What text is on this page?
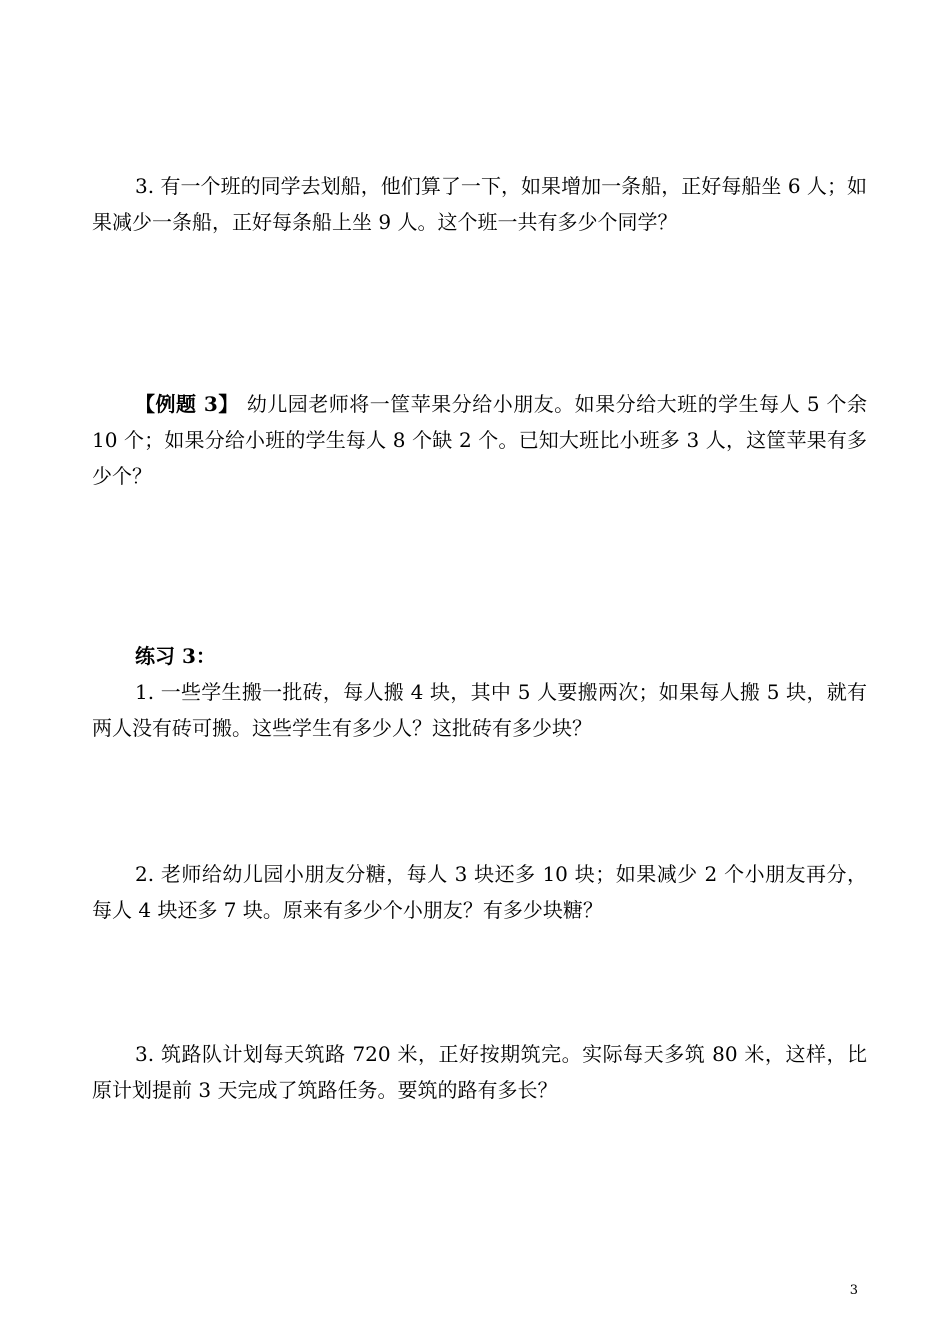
3. 有一个班的同学去划船，他们算了一下，如果增加一条船，正好每船坐 6 人；如果减少一条船，正好每条船上坐 9 人。这个班一共有多少个同学？

【例题 3】 幼儿园老师将一筐苹果分给小朋友。如果分给大班的学生每人 5 个余 10 个；如果分给小班的学生每人 8 个缺 2 个。已知大班比小班多 3 人，这筐苹果有多少个？

练习 3：

1. 一些学生搬一批砖，每人搬 4 块，其中 5 人要搬两次；如果每人搬 5 块，就有两人没有砖可搬。这些学生有多少人？这批砖有多少块？

2. 老师给幼儿园小朋友分糖，每人 3 块还多 10 块；如果减少 2 个小朋友再分，每人 4 块还多 7 块。原来有多少个小朋友？有多少块糖？

3. 筑路队计划每天筑路 720 米，正好按期筑完。实际每天多筑 80 米，这样，比原计划提前 3 天完成了筑路任务。要筑的路有多长？

3
